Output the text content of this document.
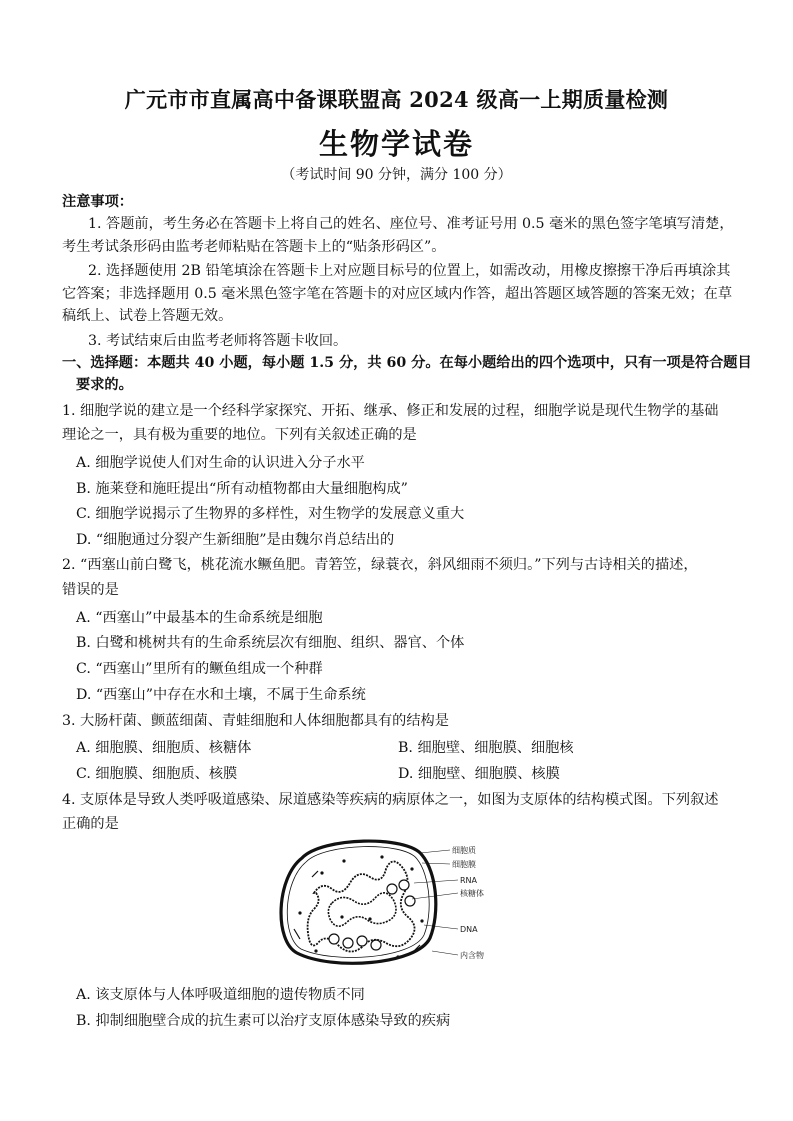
广元市市直属高中备课联盟高 2024 级高一上期质量检测
生物学试卷
（考试时间 90 分钟，满分 100 分）
注意事项：
1. 答题前，考生务必在答题卡上将自己的姓名、座位号、准考证号用 0.5 毫米的黑色签字笔填写清楚，
考生考试条形码由监考老师粘贴在答题卡上的“贴条形码区”。
2. 选择题使用 2B 铅笔填涂在答题卡上对应题目标号的位置上，如需改动，用橡皮擦擦干净后再填涂其
它答案；非选择题用 0.5 毫米黑色签字笔在答题卡的对应区域内作答，超出答题区域答题的答案无效；在草
稿纸上、试卷上答题无效。
3. 考试结束后由监考老师将答题卡收回。
一、选择题：本题共 40 小题，每小题 1.5 分，共 60 分。在每小题给出的四个选项中，只有一项是符合题目
要求的。
1. 细胞学说的建立是一个经科学家探究、开拓、继承、修正和发展的过程，细胞学说是现代生物学的基础
理论之一，具有极为重要的地位。下列有关叙述正确的是
A. 细胞学说使人们对生命的认识进入分子水平
B. 施莱登和施旺提出“所有动植物都由大量细胞构成”
C. 细胞学说揭示了生物界的多样性，对生物学的发展意义重大
D. “细胞通过分裂产生新细胞”是由魏尔肖总结出的
2. “西塞山前白鹭飞，桃花流水鳜鱼肥。青箬笠，绿蓑衣，斜风细雨不须归。”下列与古诗相关的描述，
错误的是
A. “西塞山”中最基本的生命系统是细胞
B. 白鹭和桃树共有的生命系统层次有细胞、组织、器官、个体
C. “西塞山”里所有的鳜鱼组成一个种群
D. “西塞山”中存在水和土壤，不属于生命系统
3. 大肠杆菌、颤蓝细菌、青蛙细胞和人体细胞都具有的结构是
A. 细胞膜、细胞质、核糖体	B. 细胞壁、细胞膜、细胞核
C. 细胞膜、细胞质、核膜	D. 细胞壁、细胞膜、核膜
4. 支原体是导致人类呼吸道感染、尿道感染等疾病的病原体之一，如图为支原体的结构模式图。下列叙述
正确的是
细胞质
细胞膜
RNA
核糖体
DNA
内含物
A. 该支原体与人体呼吸道细胞的遗传物质不同
B. 抑制细胞壁合成的抗生素可以治疗支原体感染导致的疾病
